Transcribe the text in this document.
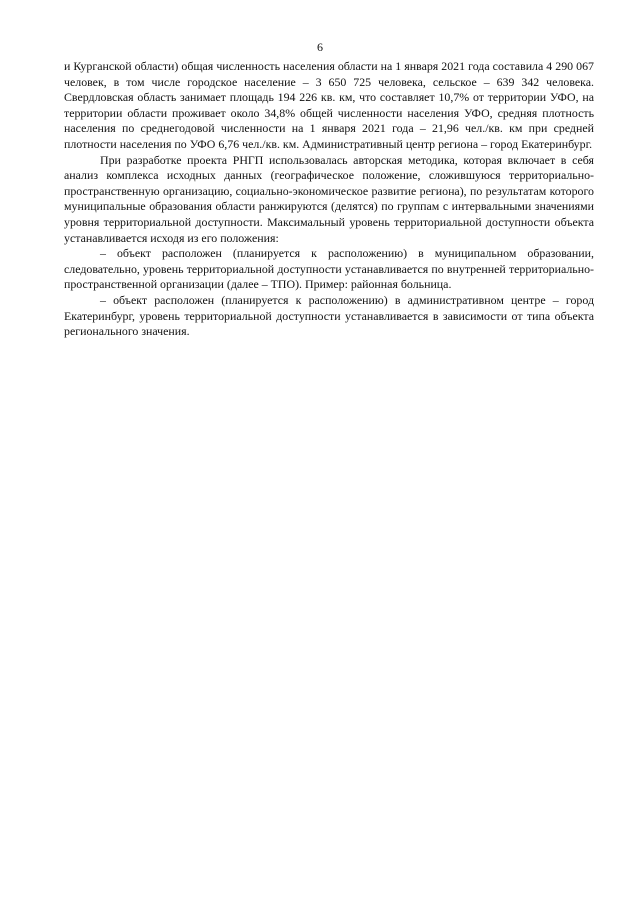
6

и Курганской области) общая численность населения области на 1 января 2021 года составила 4 290 067 человек, в том числе городское население – 3 650 725 человека, сельское – 639 342 человека. Свердловская область занимает площадь 194 226 кв. км, что составляет 10,7% от территории УФО, на территории области проживает около 34,8% общей численности населения УФО, средняя плотность населения по среднегодовой численности на 1 января 2021 года – 21,96 чел./кв. км при средней плотности населения по УФО 6,76 чел./кв. км. Административный центр региона – город Екатеринбург.

При разработке проекта РНГП использовалась авторская методика, которая включает в себя анализ комплекса исходных данных (географическое положение, сложившуюся территориально-пространственную организацию, социально-экономическое развитие региона), по результатам которого муниципальные образования области ранжируются (делятся) по группам с интервальными значениями уровня территориальной доступности. Максимальный уровень территориальной доступности объекта устанавливается исходя из его положения:

– объект расположен (планируется к расположению) в муниципальном образовании, следовательно, уровень территориальной доступности устанавливается по внутренней территориально-пространственной организации (далее – ТПО). Пример: районная больница.

– объект расположен (планируется к расположению) в административном центре – город Екатеринбург, уровень территориальной доступности устанавливается в зависимости от типа объекта регионального значения.
